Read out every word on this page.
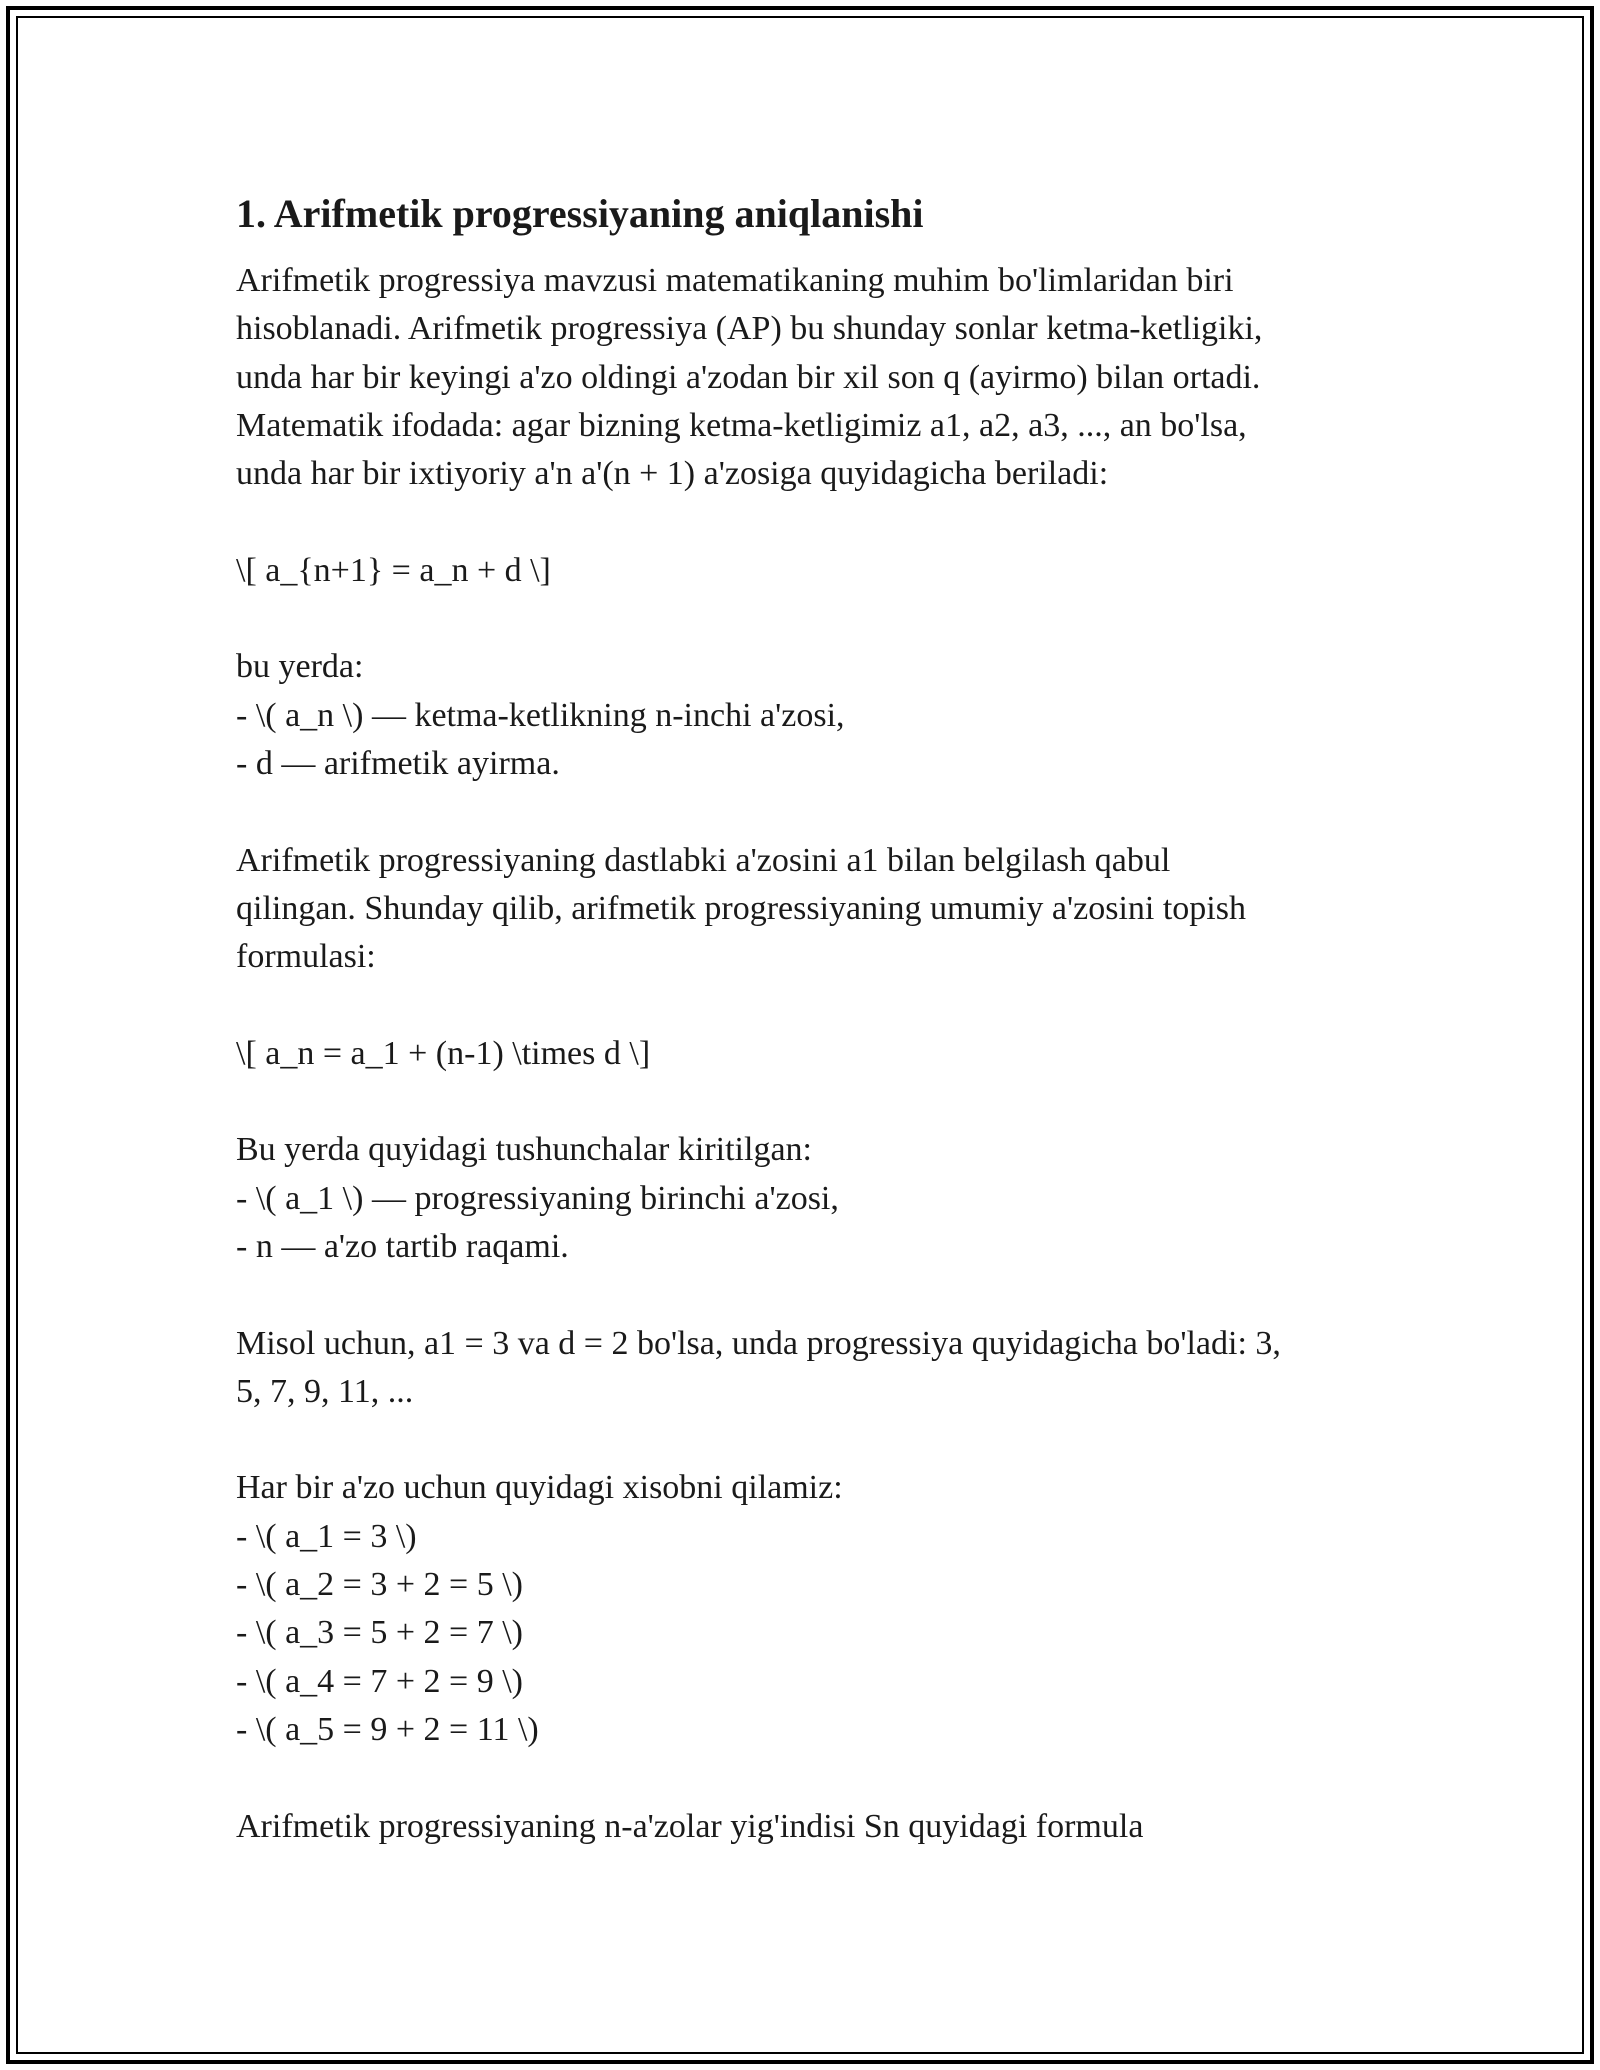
1. Arifmetik progressiyaning aniqlanishi
Arifmetik progressiya mavzusi matematikaning muhim bo'limlaridan biri
hisoblanadi. Arifmetik progressiya (AP) bu shunday sonlar ketma-ketligiki,
unda har bir keyingi a'zo oldingi a'zodan bir xil son q (ayirmo) bilan ortadi.
Matematik ifodada: agar bizning ketma-ketligimiz a1, a2, a3, ..., an bo'lsa,
unda har bir ixtiyoriy a'n a'(n + 1) a'zosiga quyidagicha beriladi:
\[ a_{n+1} = a_n + d \]
bu yerda:
- \( a_n \) — ketma-ketlikning n-inchi a'zosi,
- d — arifmetik ayirma.
Arifmetik progressiyaning dastlabki a'zosini a1 bilan belgilash qabul
qilingan. Shunday qilib, arifmetik progressiyaning umumiy a'zosini topish
formulasi:
\[ a_n = a_1 + (n-1) \times d \]
Bu yerda quyidagi tushunchalar kiritilgan:
- \( a_1 \) — progressiyaning birinchi a'zosi,
- n — a'zo tartib raqami.
Misol uchun, a1 = 3 va d = 2 bo'lsa, unda progressiya quyidagicha bo'ladi: 3,
5, 7, 9, 11, ...
Har bir a'zo uchun quyidagi xisobni qilamiz:
- \( a_1 = 3 \)
- \( a_2 = 3 + 2 = 5 \)
- \( a_3 = 5 + 2 = 7 \)
- \( a_4 = 7 + 2 = 9 \)
- \( a_5 = 9 + 2 = 11 \)
Arifmetik progressiyaning n-a'zolar yig'indisi Sn quyidagi formula
